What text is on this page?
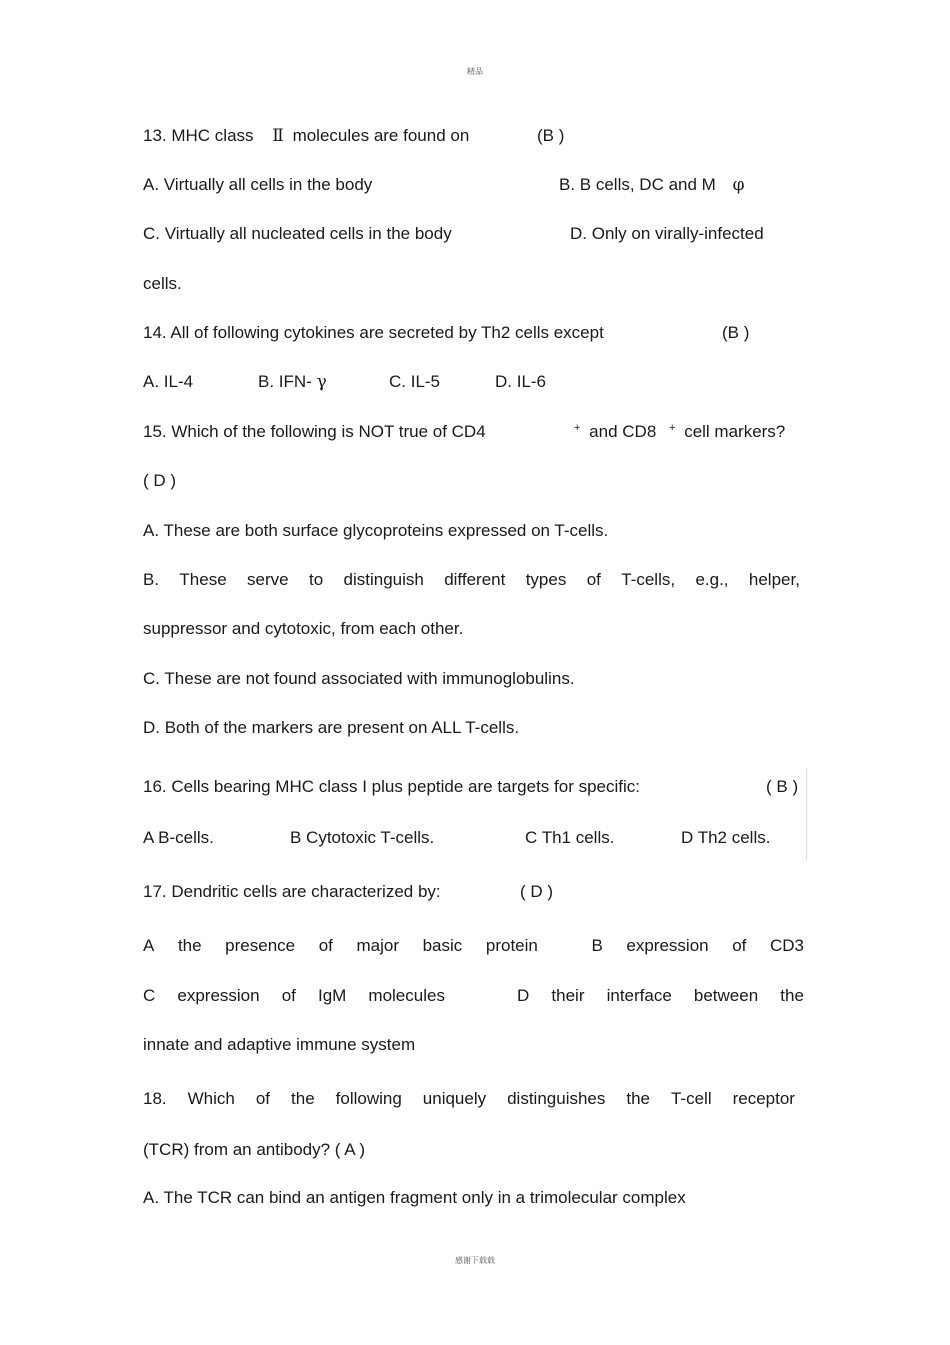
精品
13. MHC class Ⅱ molecules are found on	(B )
A. Virtually all cells in the body	B. B cells, DC and M φ
C. Virtually all nucleated cells in the body	D. Only on virally-infected
cells.
14. All of following cytokines are secreted by Th2 cells except	(B )
A. IL-4	B. IFN- γ	C. IL-5	D. IL-6
15. Which of the following is NOT true of CD4	+ and CD8 + cell markers?
( D )
A. These are both surface glycoproteins expressed on T-cells.
B. These serve to distinguish different types of T-cells, e.g., helper,
suppressor and cytotoxic, from each other.
C. These are not found associated with immunoglobulins.
D. Both of the markers are present on ALL T-cells.
16. Cells bearing MHC class I plus peptide are targets for specific:	( B )
A B-cells.	B Cytotoxic T-cells.	C Th1 cells.	D Th2 cells.
17. Dendritic cells are characterized by:	( D )
A the presence of major basic protein	B expression of CD3
C expression of IgM molecules	D their interface between the
innate and adaptive immune system
18. Which of the following uniquely distinguishes the T-cell receptor
(TCR) from an antibody? ( A )
A. The TCR can bind an antigen fragment only in a trimolecular complex
感谢下载载
